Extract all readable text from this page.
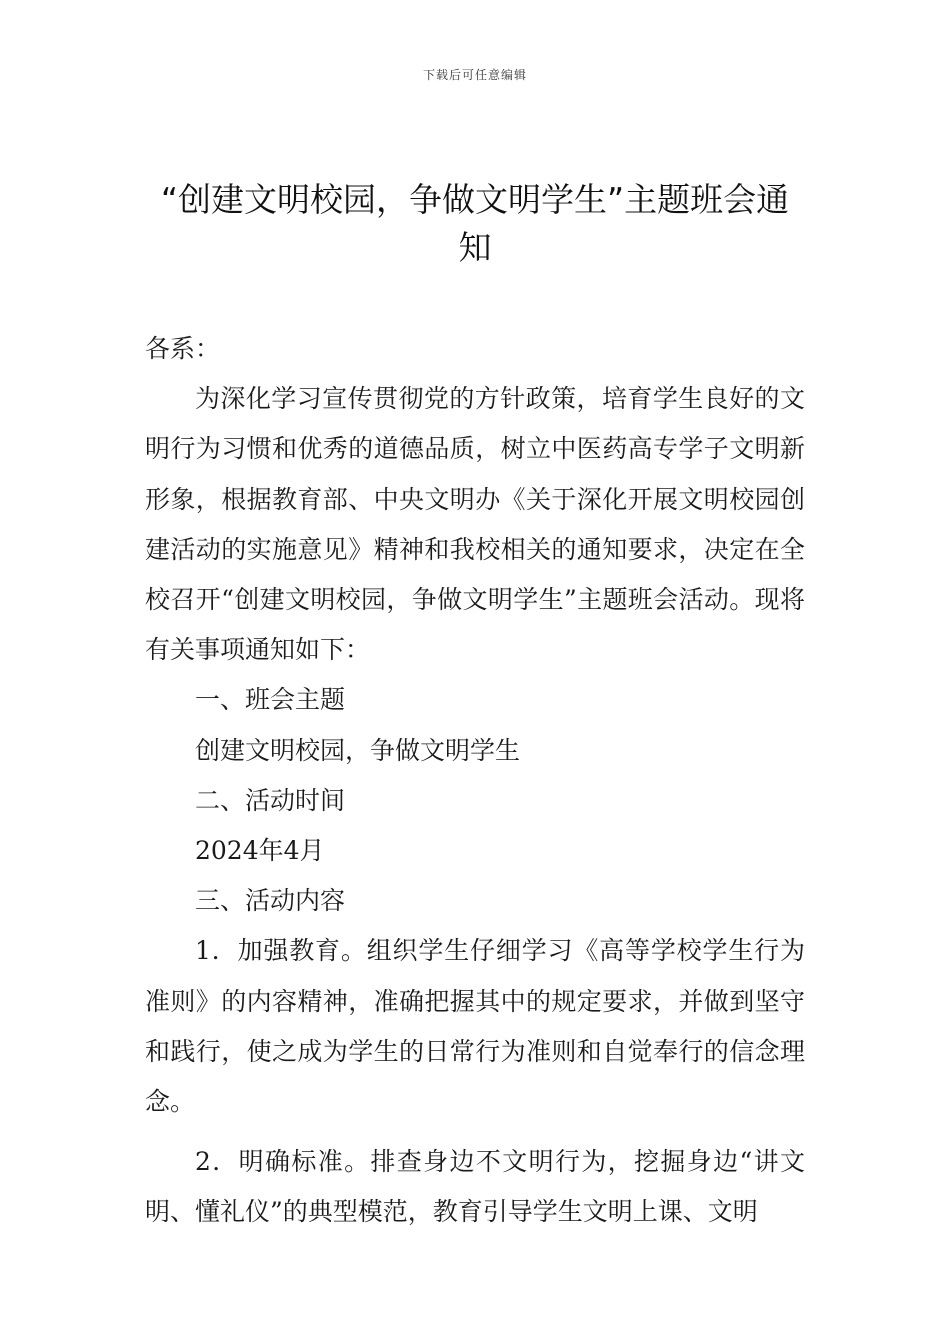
下载后可任意编辑
“创建文明校园，争做文明学生”主题班会通知

各系：

为深化学习宣传贯彻党的方针政策，培育学生良好的文明行为习惯和优秀的道德品质，树立中医药高专学子文明新形象，根据教育部、中央文明办《关于深化开展文明校园创建活动的实施意见》精神和我校相关的通知要求，决定在全校召开“创建文明校园，争做文明学生”主题班会活动。现将有关事项通知如下：

一、班会主题

创建文明校园，争做文明学生

二、活动时间

2024年4月

三、活动内容

1．加强教育。组织学生仔细学习《高等学校学生行为准则》的内容精神，准确把握其中的规定要求，并做到坚守和践行，使之成为学生的日常行为准则和自觉奉行的信念理念。

2．明确标准。排查身边不文明行为，挖掘身边“讲文明、懂礼仪”的典型模范，教育引导学生文明上课、文明
